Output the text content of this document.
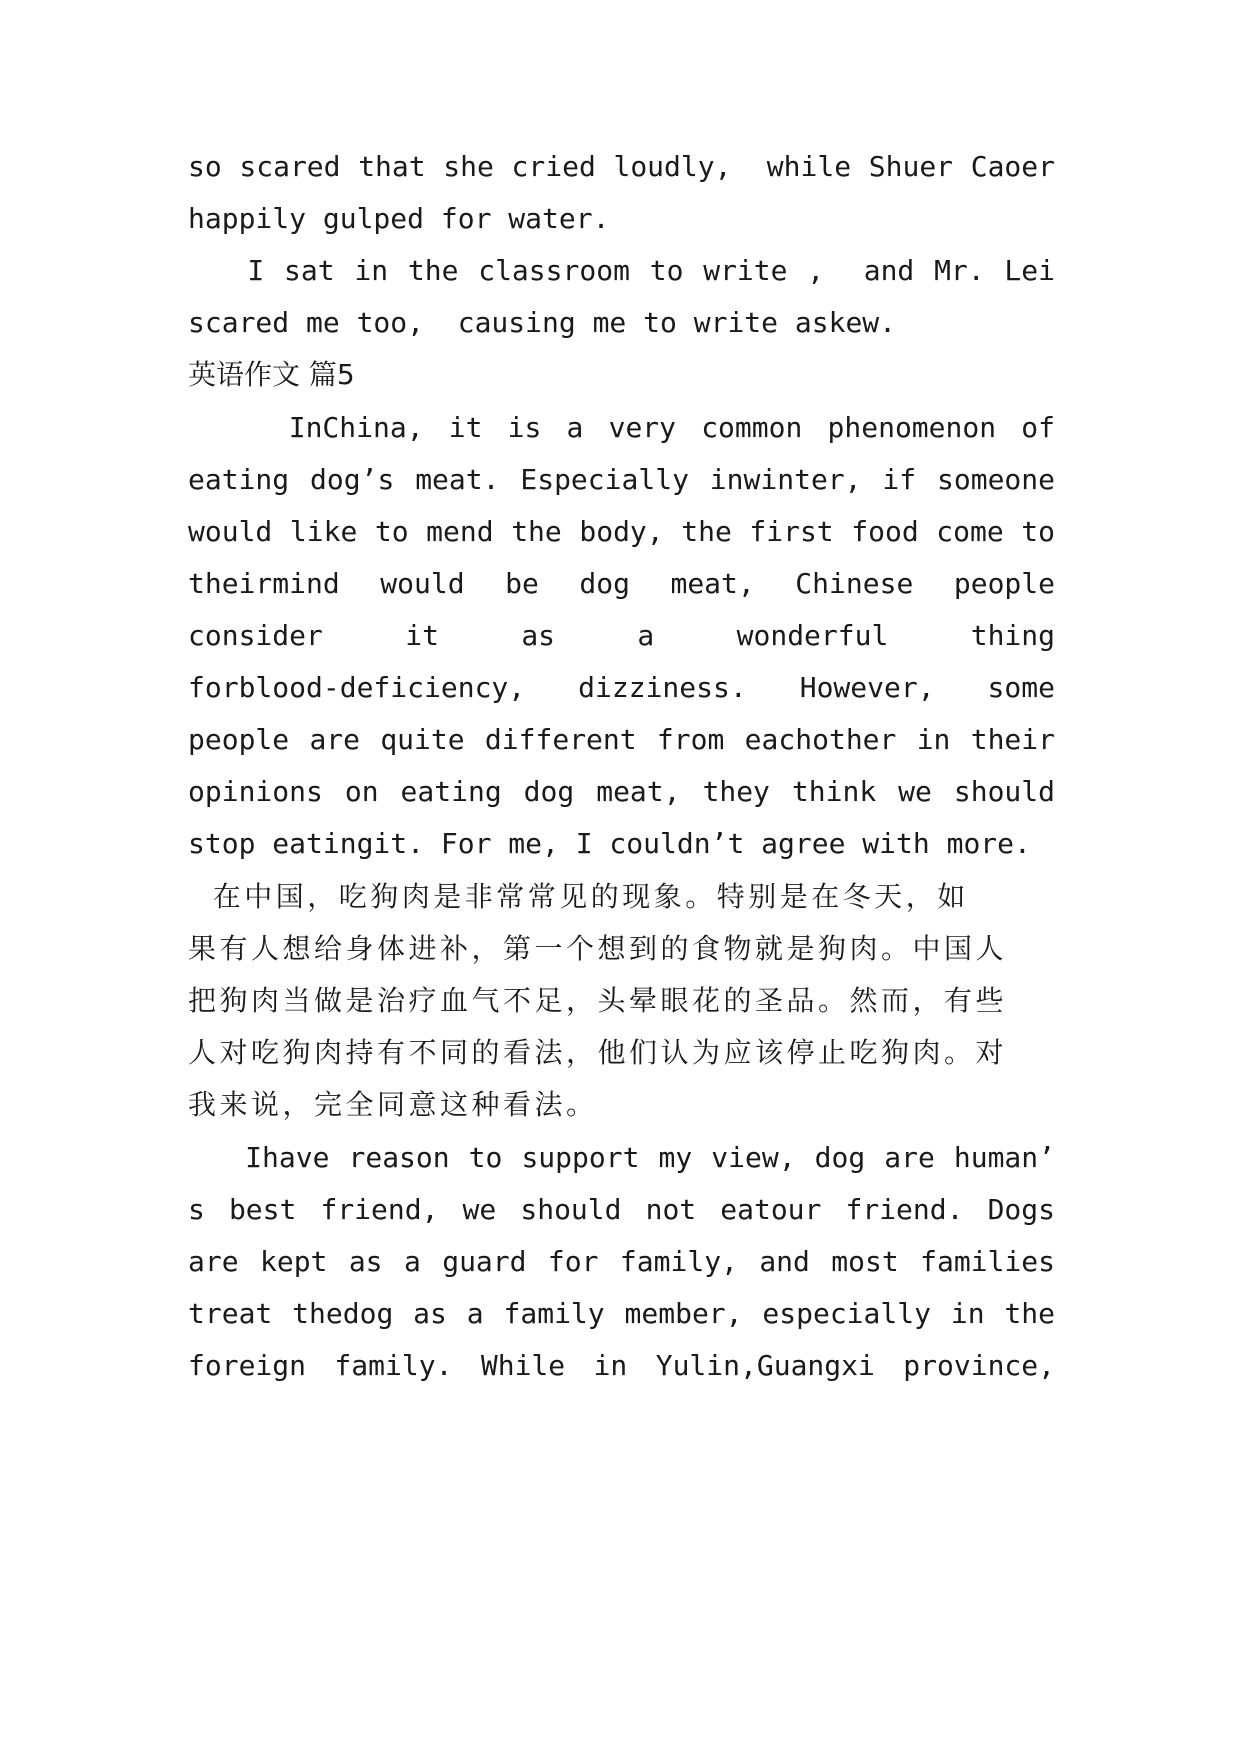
so scared that she cried loudly,  while Shuer Caoer

happily gulped for water.

I sat in the classroom to write ,  and Mr. Lei

scared me too,  causing me to write askew.

英语作文 篇5

InChina, it is a very common phenomenon of

eating dog’s meat. Especially inwinter, if someone

would like to mend the body, the first food come to

theirmind would be dog meat, Chinese people

consider it as a wonderful thing

forblood-deficiency, dizziness. However, some

people are quite different from eachother in their

opinions on eating dog meat, they think we should

stop eatingit. For me, I couldn’t agree with more.

在中国，吃狗肉是非常常见的现象。特别是在冬天，如

果有人想给身体进补，第一个想到的食物就是狗肉。中国人

把狗肉当做是治疗血气不足，头晕眼花的圣品。然而，有些

人对吃狗肉持有不同的看法，他们认为应该停止吃狗肉。对

我来说，完全同意这种看法。

Ihave reason to support my view, dog are human’

s best friend, we should not eatour friend. Dogs

are kept as a guard for family, and most families

treat thedog as a family member, especially in the

foreign family. While in Yulin,Guangxi province,
